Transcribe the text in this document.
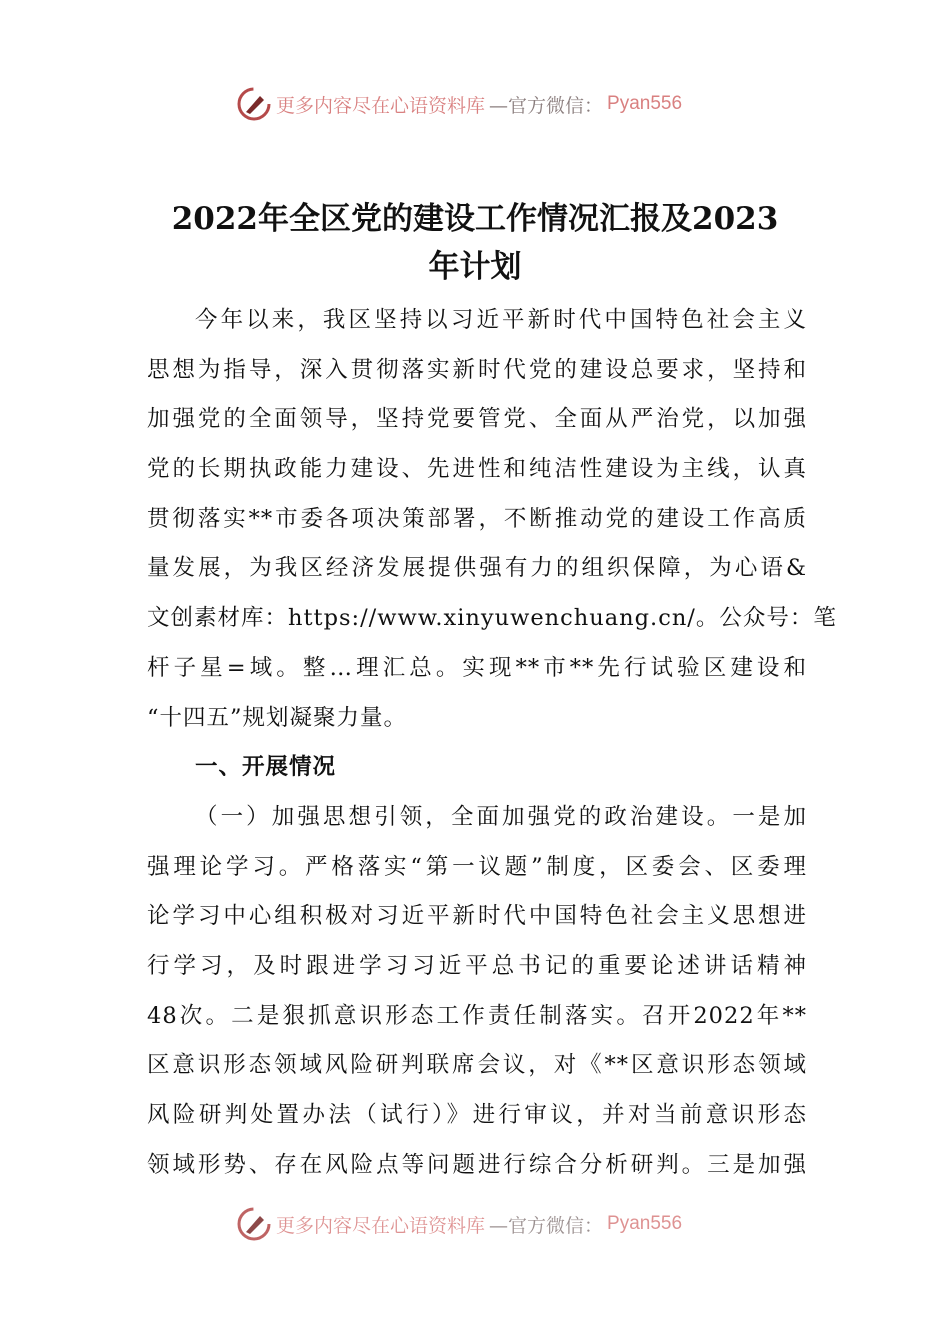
更多内容尽在心语资料库 —官方微信： Pyan556
2022年全区党的建设工作情况汇报及2023
年计划
今年以来，我区坚持以习近平新时代中国特色社会主义
思想为指导，深入贯彻落实新时代党的建设总要求，坚持和
加强党的全面领导，坚持党要管党、全面从严治党，以加强
党的长期执政能力建设、先进性和纯洁性建设为主线，认真
贯彻落实**市委各项决策部署，不断推动党的建设工作高质
量发展，为我区经济发展提供强有力的组织保障，为心语&
文创素材库：https://www.xinyuwenchuang.cn/。公众号：笔
杆子星=域。整…理汇总。实现**市**先行试验区建设和
“十四五”规划凝聚力量。
一、开展情况
（一）加强思想引领，全面加强党的政治建设。一是加
强理论学习。严格落实“第一议题”制度，区委会、区委理
论学习中心组积极对习近平新时代中国特色社会主义思想进
行学习，及时跟进学习习近平总书记的重要论述讲话精神
48次。二是狠抓意识形态工作责任制落实。召开2022年**
区意识形态领域风险研判联席会议，对《**区意识形态领域
风险研判处置办法（试行）》进行审议，并对当前意识形态
领域形势、存在风险点等问题进行综合分析研判。三是加强
更多内容尽在心语资料库 —官方微信： Pyan556
